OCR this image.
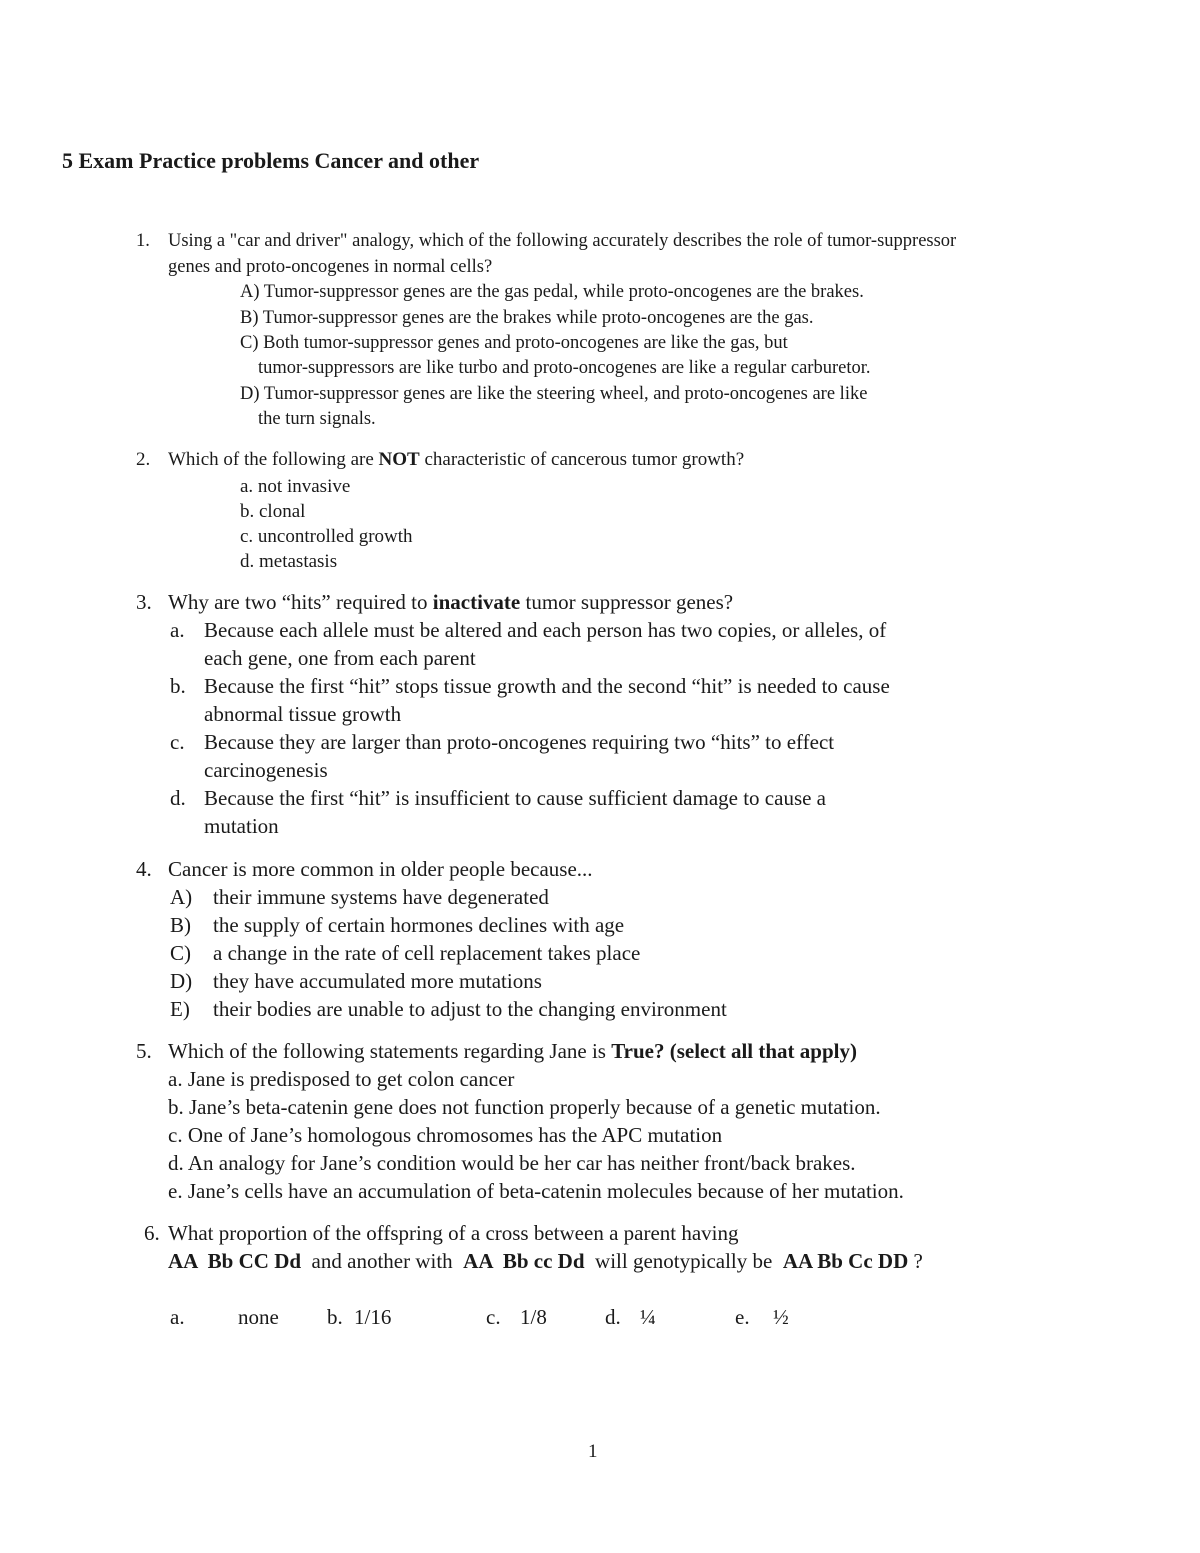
5 Exam Practice problems Cancer and other
1. Using a "car and driver" analogy, which of the following accurately describes the role of tumor-suppressor
genes and proto-oncogenes in normal cells?
A) Tumor-suppressor genes are the gas pedal, while proto-oncogenes are the brakes.
B) Tumor-suppressor genes are the brakes while proto-oncogenes are the gas.
C) Both tumor-suppressor genes and proto-oncogenes are like the gas, but
tumor-suppressors are like turbo and proto-oncogenes are like a regular carburetor.
D) Tumor-suppressor genes are like the steering wheel, and proto-oncogenes are like
the turn signals.
2. Which of the following are NOT characteristic of cancerous tumor growth?
a. not invasive
b. clonal
c. uncontrolled growth
d. metastasis
3. Why are two “hits” required to inactivate tumor suppressor genes?
a. Because each allele must be altered and each person has two copies, or alleles, of
each gene, one from each parent
b. Because the first “hit” stops tissue growth and the second “hit” is needed to cause
abnormal tissue growth
c. Because they are larger than proto-oncogenes requiring two “hits” to effect
carcinogenesis
d. Because the first “hit” is insufficient to cause sufficient damage to cause a
mutation
4. Cancer is more common in older people because...
A) their immune systems have degenerated
B) the supply of certain hormones declines with age
C) a change in the rate of cell replacement takes place
D) they have accumulated more mutations
E) their bodies are unable to adjust to the changing environment
5. Which of the following statements regarding Jane is True? (select all that apply)
a. Jane is predisposed to get colon cancer
b. Jane’s beta-catenin gene does not function properly because of a genetic mutation.
c. One of Jane’s homologous chromosomes has the APC mutation
d. An analogy for Jane’s condition would be her car has neither front/back brakes.
e. Jane’s cells have an accumulation of beta-catenin molecules because of her mutation.
6. What proportion of the offspring of a cross between a parent having
AA  Bb CC Dd  and another with  AA  Bb cc Dd  will genotypically be  AA Bb Cc DD ?
a.	none b. 1/16	c. 1/8	d. ¼	e. ½
1
